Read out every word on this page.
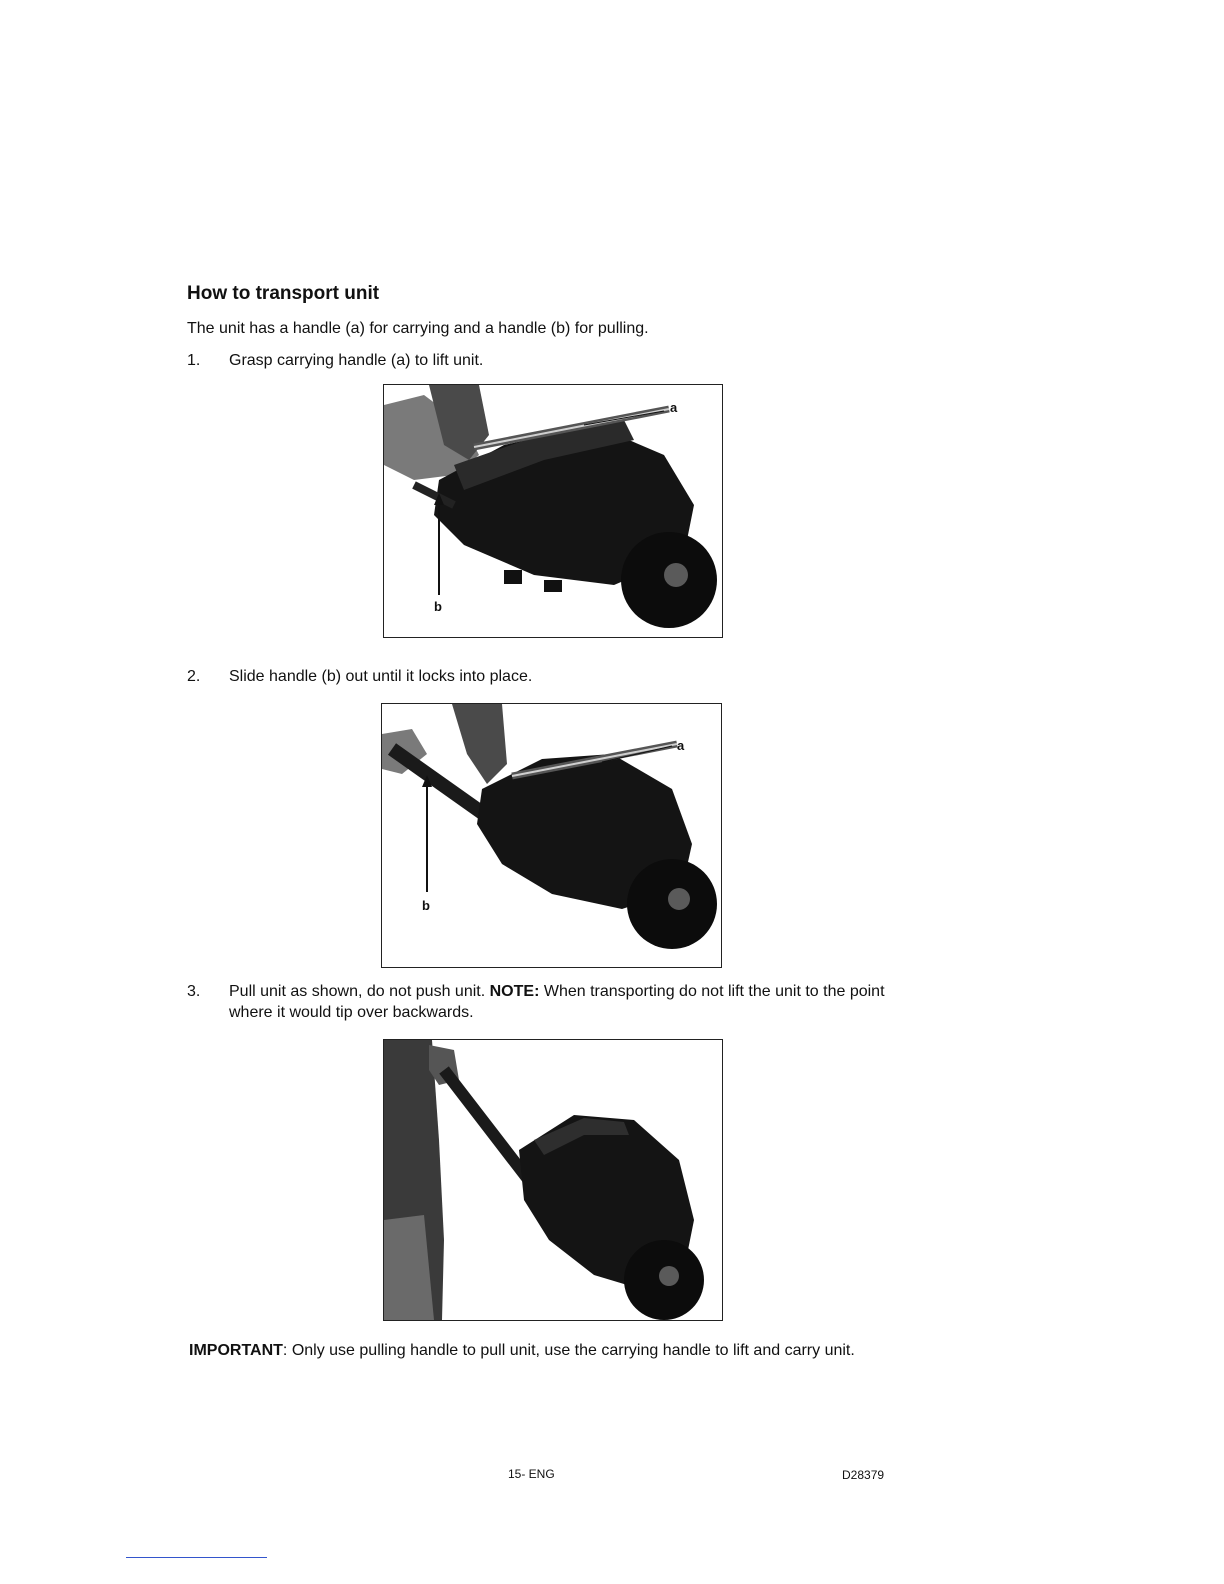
How to transport unit

The unit has a handle (a) for carrying and a handle (b) for pulling.

1. Grasp carrying handle (a) to lift unit.
a
b
2. Slide handle (b) out until it locks into place.
a
b
3. Pull unit as shown, do not push unit. NOTE: When transporting do not lift the unit to the point where it would tip over backwards.

IMPORTANT: Only use pulling handle to pull unit, use the carrying handle to lift and carry unit.

15- ENG	D28379
